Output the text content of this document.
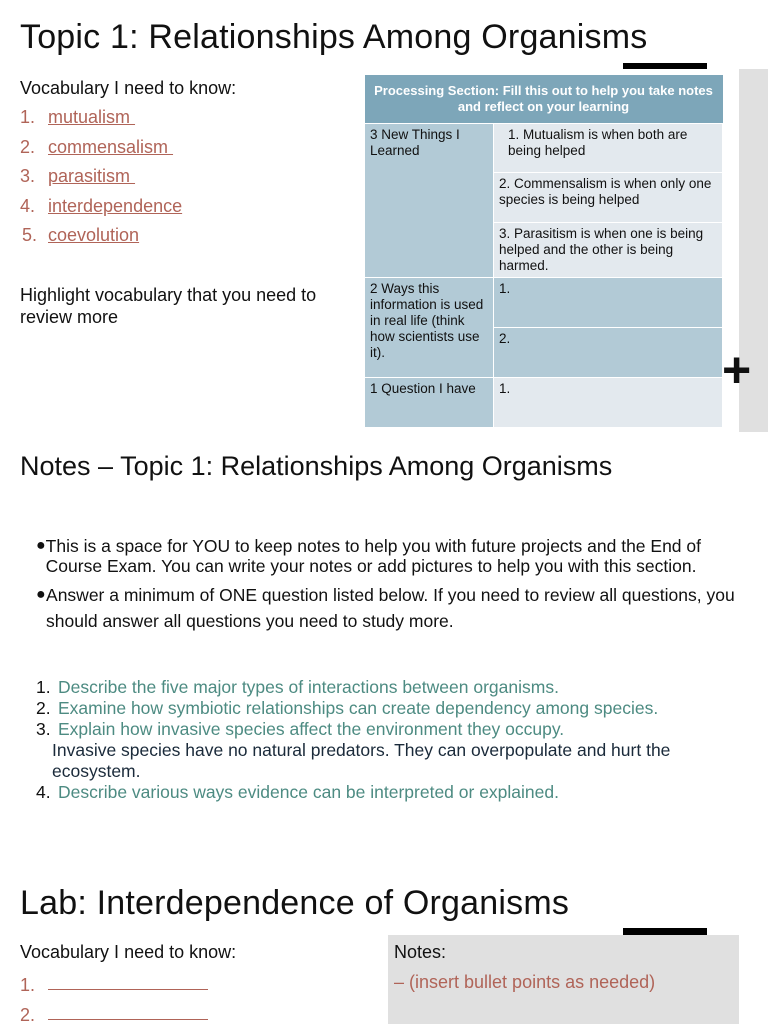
Topic 1: Relationships Among Organisms
Vocabulary I need to know:
1. mutualism
2. commensalism
3. parasitism
4. interdependence
5. coevolution
Highlight vocabulary that you need to review more
Processing Section: Fill this out to help you take notes and reflect on your learning	
3 New Things I Learned	1. Mutualism is when both are being helped
	2. Commensalism is when only one species is being helped
	3. Parasitism is when one is being helped and the other is being harmed.
2 Ways this information is used in real life (think how scientists use it).	1.
	2.
1 Question I have	1.	+
Notes – Topic 1: Relationships Among Organisms
● This is a space for YOU to keep notes to help you with future projects and the End of Course Exam. You can write your notes or add pictures to help you with this section.
● Answer a minimum of ONE question listed below. If you need to review all questions, you should answer all questions you need to study more.
1. Describe the five major types of interactions between organisms.
2. Examine how symbiotic relationships can create dependency among species.
3. Explain how invasive species affect the environment they occupy.
Invasive species have no natural predators. They can overpopulate and hurt the ecosystem.
4. Describe various ways evidence can be interpreted or explained.
Lab: Interdependence of Organisms
Vocabulary I need to know:
1.
2.
Notes:
– (insert bullet points as needed)
